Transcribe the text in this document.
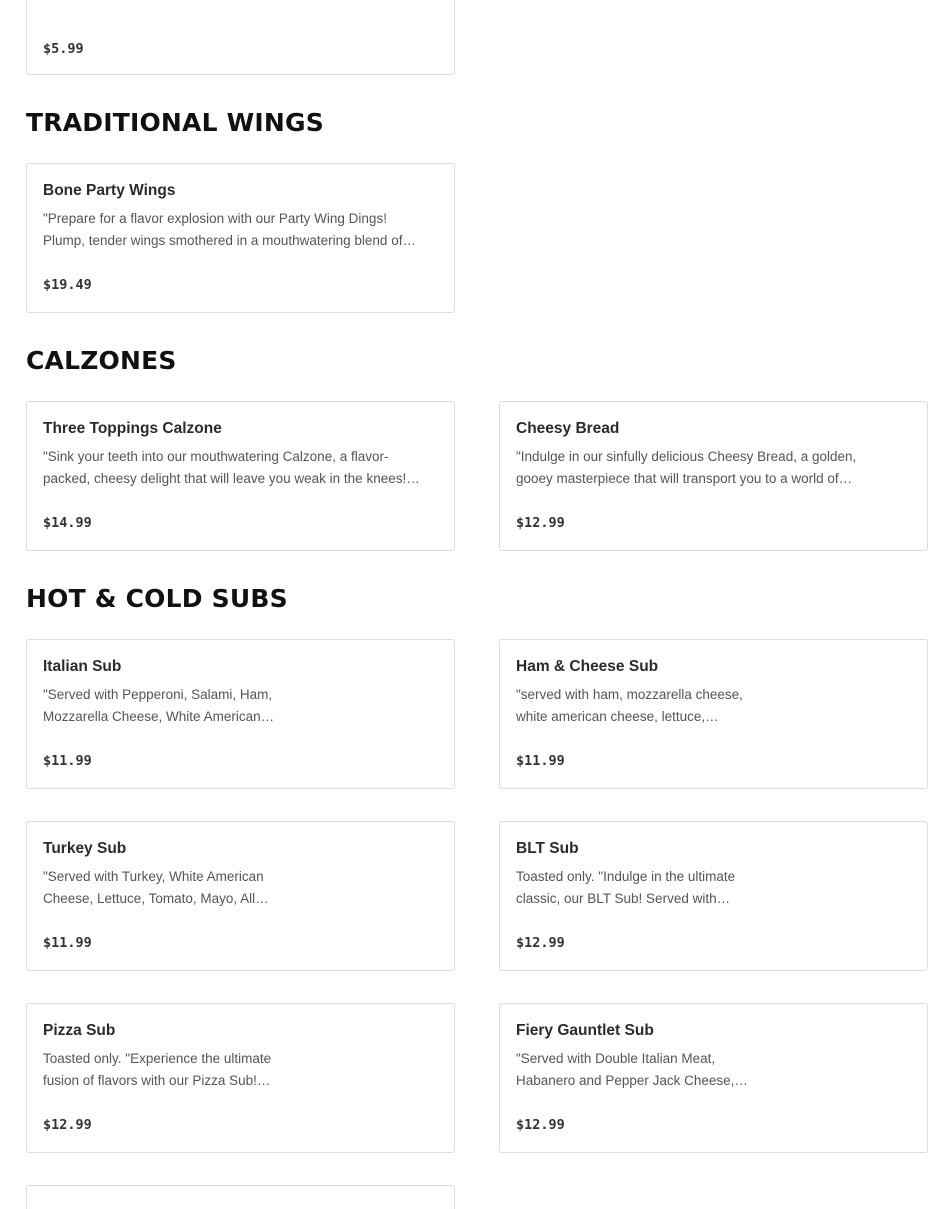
$5.99
TRADITIONAL WINGS
Bone Party Wings
"Prepare for a flavor explosion with our Party Wing Dings!
Plump, tender wings smothered in a mouthwatering blend of…
$19.49
CALZONES
Three Toppings Calzone
"Sink your teeth into our mouthwatering Calzone, a flavor-
packed, cheesy delight that will leave you weak in the knees!…
$14.99
Cheesy Bread
"Indulge in our sinfully delicious Cheesy Bread, a golden,
gooey masterpiece that will transport you to a world of…
$12.99
HOT & COLD SUBS
Italian Sub
"Served with Pepperoni, Salami, Ham,
Mozzarella Cheese, White American…
$11.99
Ham & Cheese Sub
"served with ham, mozzarella cheese,
white american cheese, lettuce,…
$11.99
Turkey Sub
"Served with Turkey, White American
Cheese, Lettuce, Tomato, Mayo, All…
$11.99
BLT Sub
Toasted only. "Indulge in the ultimate
classic, our BLT Sub! Served with…
$12.99
Pizza Sub
Toasted only. "Experience the ultimate
fusion of flavors with our Pizza Sub!…
$12.99
Fiery Gauntlet Sub
"Served with Double Italian Meat,
Habanero and Pepper Jack Cheese,…
$12.99
